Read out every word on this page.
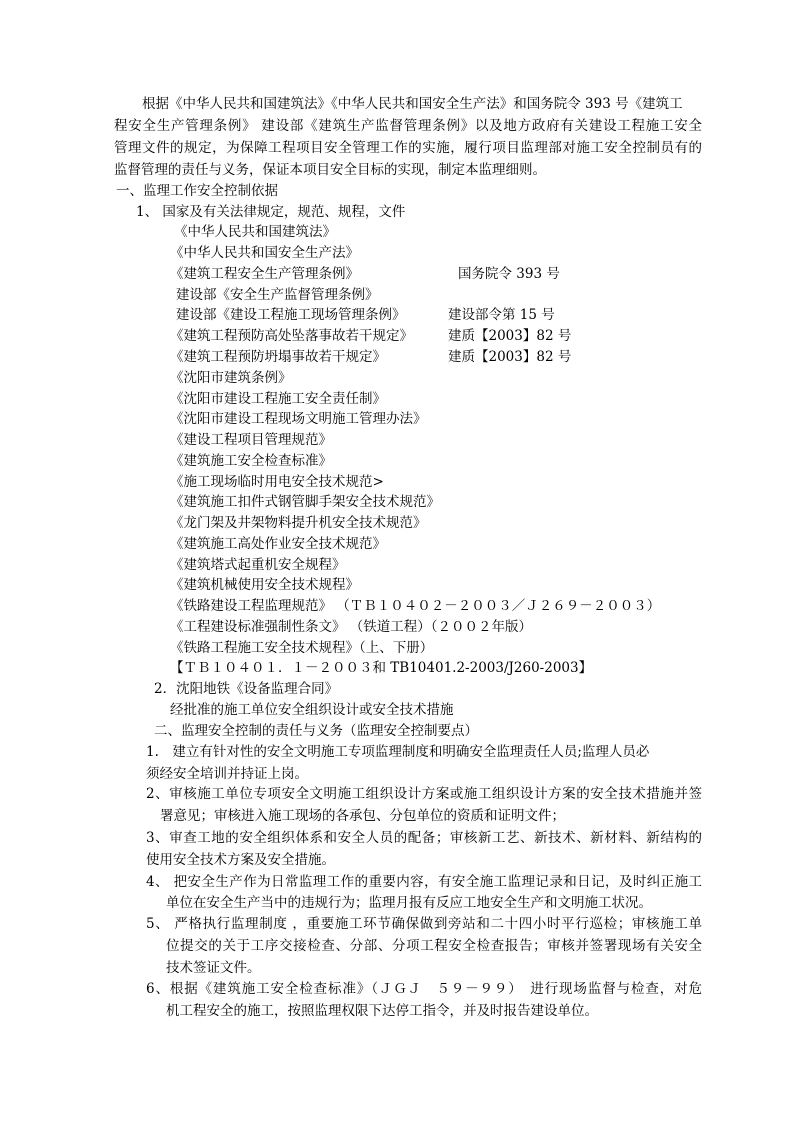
根据《中华人民共和国建筑法》《中华人民共和国安全生产法》和国务院令 393 号《建筑工
程安全生产管理条例》 建设部《建筑生产监督管理条例》以及地方政府有关建设工程施工安全
管理文件的规定，为保障工程项目安全管理工作的实施，履行项目监理部对施工安全控制员有的
监督管理的责任与义务，保证本项目安全目标的实现，制定本监理细则。
一、监理工作安全控制依据
1、 国家及有关法律规定，规范、规程，文件
《中华人民共和国建筑法》
《中华人民共和国安全生产法》
《建筑工程安全生产管理条例》	国务院令 393 号
建设部《安全生产监督管理条例》
建设部《建设工程施工现场管理条例》	建设部令第 15 号
《建筑工程预防高处坠落事故若干规定》	建质【2003】82 号
《建筑工程预防坍塌事故若干规定》	建质【2003】82 号
《沈阳市建筑条例》
《沈阳市建设工程施工安全责任制》
《沈阳市建设工程现场文明施工管理办法》
《建设工程项目管理规范》
《建筑施工安全检查标准》
《施工现场临时用电安全技术规范>
《建筑施工扣件式钢管脚手架安全技术规范》
《龙门架及井架物料提升机安全技术规范》
《建筑施工高处作业安全技术规范》
《建筑塔式起重机安全规程》
《建筑机械使用安全技术规程》
《铁路建设工程监理规范》 （ＴＢ１０４０２－２００３／Ｊ２６９－２００３）
《工程建设标准强制性条文》 （铁道工程）（２００２年版）
《铁路工程施工安全技术规程》（上、下册）
【ＴＢ１０４０１．１－２００３和 TB10401.2-2003/J260-2003】
2．沈阳地铁《设备监理合同》
经批准的施工单位安全组织设计或安全技术措施
二、监理安全控制的责任与义务（监理安全控制要点）
1.　建立有针对性的安全文明施工专项监理制度和明确安全监理责任人员;监理人员必
须经安全培训并持证上岗。
2、审核施工单位专项安全文明施工组织设计方案或施工组织设计方案的安全技术措施并签
署意见；审核进入施工现场的各承包、分包单位的资质和证明文件；
3、审查工地的安全组织体系和安全人员的配备；审核新工艺、新技术、新材料、新结构的
使用安全技术方案及安全措施。
4、 把安全生产作为日常监理工作的重要内容，有安全施工监理记录和日记，及时纠正施工
单位在安全生产当中的违规行为；监理月报有反应工地安全生产和文明施工状况。
5、 严格执行监理制度 ，重要施工环节确保做到旁站和二十四小时平行巡检；审核施工单
位提交的关于工序交接检查、分部、分项工程安全检查报告；审核并签署现场有关安全
技术签证文件。
6、根据《建筑施工安全检查标准》（ＪＧＪ　５９－９９）　进行现场监督与检查，对危
机工程安全的施工，按照监理权限下达停工指令，并及时报告建设单位。
